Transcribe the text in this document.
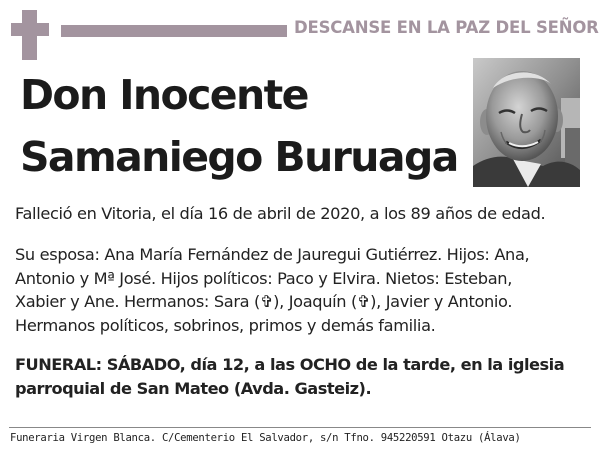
DESCANSE EN LA PAZ DEL SEÑOR
Don Inocente
Samaniego Buruaga
Falleció en Vitoria, el día 16 de abril de 2020, a los 89 años de edad.
Su esposa: Ana María Fernández de Jauregui Gutiérrez. Hijos: Ana,
Antonio y Mª José. Hijos políticos: Paco y Elvira. Nietos: Esteban,
Xabier y Ane. Hermanos: Sara (✞), Joaquín (✞), Javier y Antonio.
Hermanos políticos, sobrinos, primos y demás familia.
FUNERAL: SÁBADO, día 12, a las OCHO de la tarde, en la iglesia
parroquial de San Mateo (Avda. Gasteiz).
Funeraria Virgen Blanca. C/Cementerio El Salvador, s/n Tfno. 945220591 Otazu (Álava)
